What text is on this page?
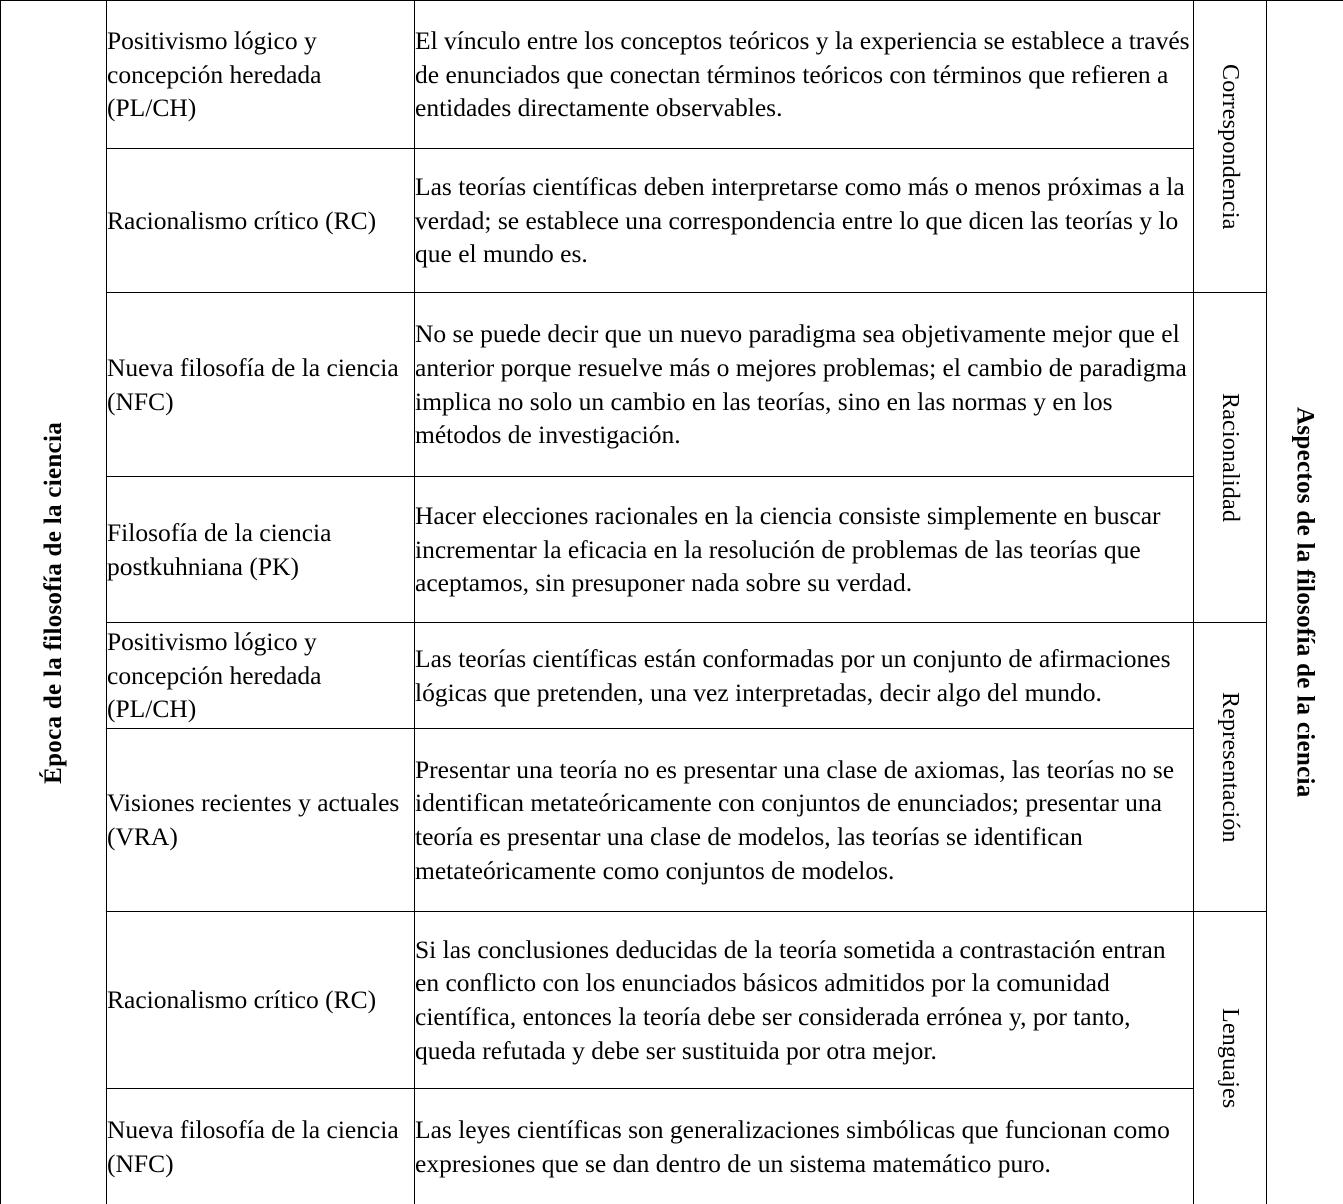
Época de la filosofía de la ciencia	Positivismo lógico y concepción heredada (PL/CH)	El vínculo entre los conceptos teóricos y la experiencia se establece a través de enunciados que conectan términos teóricos con términos que refieren a entidades directamente observables.	Correspondencia	Aspectos de la filosofía de la ciencia

	Racionalismo crítico (RC)	Las teorías científicas deben interpretarse como más o menos próximas a la verdad; se establece una correspondencia entre lo que dicen las teorías y lo que el mundo es.		

	Nueva filosofía de la ciencia (NFC)	No se puede decir que un nuevo paradigma sea objetivamente mejor que el anterior porque resuelve más o mejores problemas; el cambio de paradigma implica no solo un cambio en las teorías, sino en las normas y en los métodos de investigación.	Racionalidad	

	Filosofía de la ciencia postkuhniana (PK)	Hacer elecciones racionales en la ciencia consiste simplemente en buscar incrementar la eficacia en la resolución de problemas de las teorías que aceptamos, sin presuponer nada sobre su verdad.		

	Positivismo lógico y concepción heredada (PL/CH)	Las teorías científicas están conformadas por un conjunto de afirmaciones lógicas que pretenden, una vez interpretadas, decir algo del mundo.	Representación	

	Visiones recientes y actuales (VRA)	Presentar una teoría no es presentar una clase de axiomas, las teorías no se identifican metateóricamente con conjuntos de enunciados; presentar una teoría es presentar una clase de modelos, las teorías se identifican metateóricamente como conjuntos de modelos.		

	Racionalismo crítico (RC)	Si las conclusiones deducidas de la teoría sometida a contrastación entran en conflicto con los enunciados básicos admitidos por la comunidad científica, entonces la teoría debe ser considerada errónea y, por tanto, queda refutada y debe ser sustituida por otra mejor.	Lenguajes	

	Nueva filosofía de la ciencia (NFC)	Las leyes científicas son generalizaciones simbólicas que funcionan como expresiones que se dan dentro de un sistema matemático puro.		
